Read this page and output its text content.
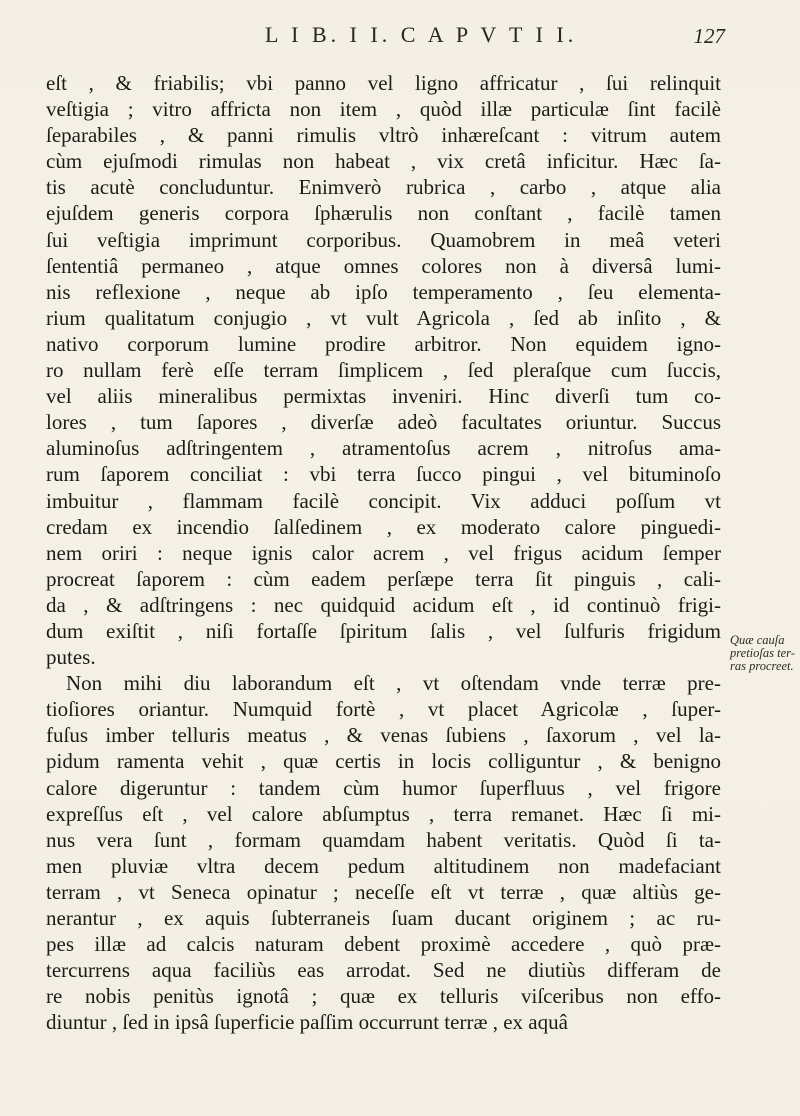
L I B. I I. C A P V T I I.	127
eſt , & friabilis; vbi panno vel ligno affricatur , ſui relinquit
veſtigia ; vitro affricta non item , quòd illæ particulæ ſint facilè
ſeparabiles , & panni rimulis vltrò inhæreſcant : vitrum autem
cùm ejuſmodi rimulas non habeat , vix cretâ inficitur. Hæc ſa-
tis acutè concluduntur. Enimverò rubrica , carbo , atque alia
ejuſdem generis corpora ſphærulis non conſtant , facilè tamen
ſui veſtigia imprimunt corporibus. Quamobrem in meâ veteri
ſententiâ permaneo , atque omnes colores non à diversâ lumi-
nis reflexione , neque ab ipſo temperamento , ſeu elementa-
rium qualitatum conjugio , vt vult Agricola , ſed ab inſito , &
nativo corporum lumine prodire arbitror. Non equidem igno-
ro nullam ferè eſſe terram ſimplicem , ſed pleraſque cum ſuccis,
vel aliis mineralibus permixtas inveniri. Hinc diverſi tum co-
lores , tum ſapores , diverſæ adeò facultates oriuntur. Succus
aluminoſus adſtringentem , atramentoſus acrem , nitroſus ama-
rum ſaporem conciliat : vbi terra ſucco pingui , vel bituminoſo
imbuitur , flammam facilè concipit. Vix adduci poſſum vt
credam ex incendio ſalſedinem , ex moderato calore pinguedi-
nem oriri : neque ignis calor acrem , vel frigus acidum ſemper
procreat ſaporem : cùm eadem perſæpe terra ſit pinguis , cali-
da , & adſtringens : nec quidquid acidum eſt , id continuò frigi-
dum exiſtit , niſi fortaſſe ſpiritum ſalis , vel ſulfuris frigidum
putes.
Non mihi diu laborandum eſt , vt oſtendam vnde terræ pre-
tioſiores oriantur. Numquid fortè , vt placet Agricolæ , ſuper-
fuſus imber telluris meatus , & venas ſubiens , ſaxorum , vel la-
pidum ramenta vehit , quæ certis in locis colliguntur , & benigno
calore digeruntur : tandem cùm humor ſuperfluus , vel frigore
expreſſus eſt , vel calore abſumptus , terra remanet. Hæc ſi mi-
nus vera ſunt , formam quamdam habent veritatis. Quòd ſi ta-
men pluviæ vltra decem pedum altitudinem non madefaciant
terram , vt Seneca opinatur ; neceſſe eſt vt terræ , quæ altiùs ge-
nerantur , ex aquis ſubterraneis ſuam ducant originem ; ac ru-
pes illæ ad calcis naturam debent proximè accedere , quò præ-
tercurrens aqua faciliùs eas arrodat. Sed ne diutiùs differam de
re nobis penitùs ignotâ ; quæ ex telluris viſceribus non effo-
diuntur , ſed in ipsâ ſuperficie paſſim occurrunt terræ , ex aquâ
Quæ cauſa
pretioſas ter-
ras procreet.
